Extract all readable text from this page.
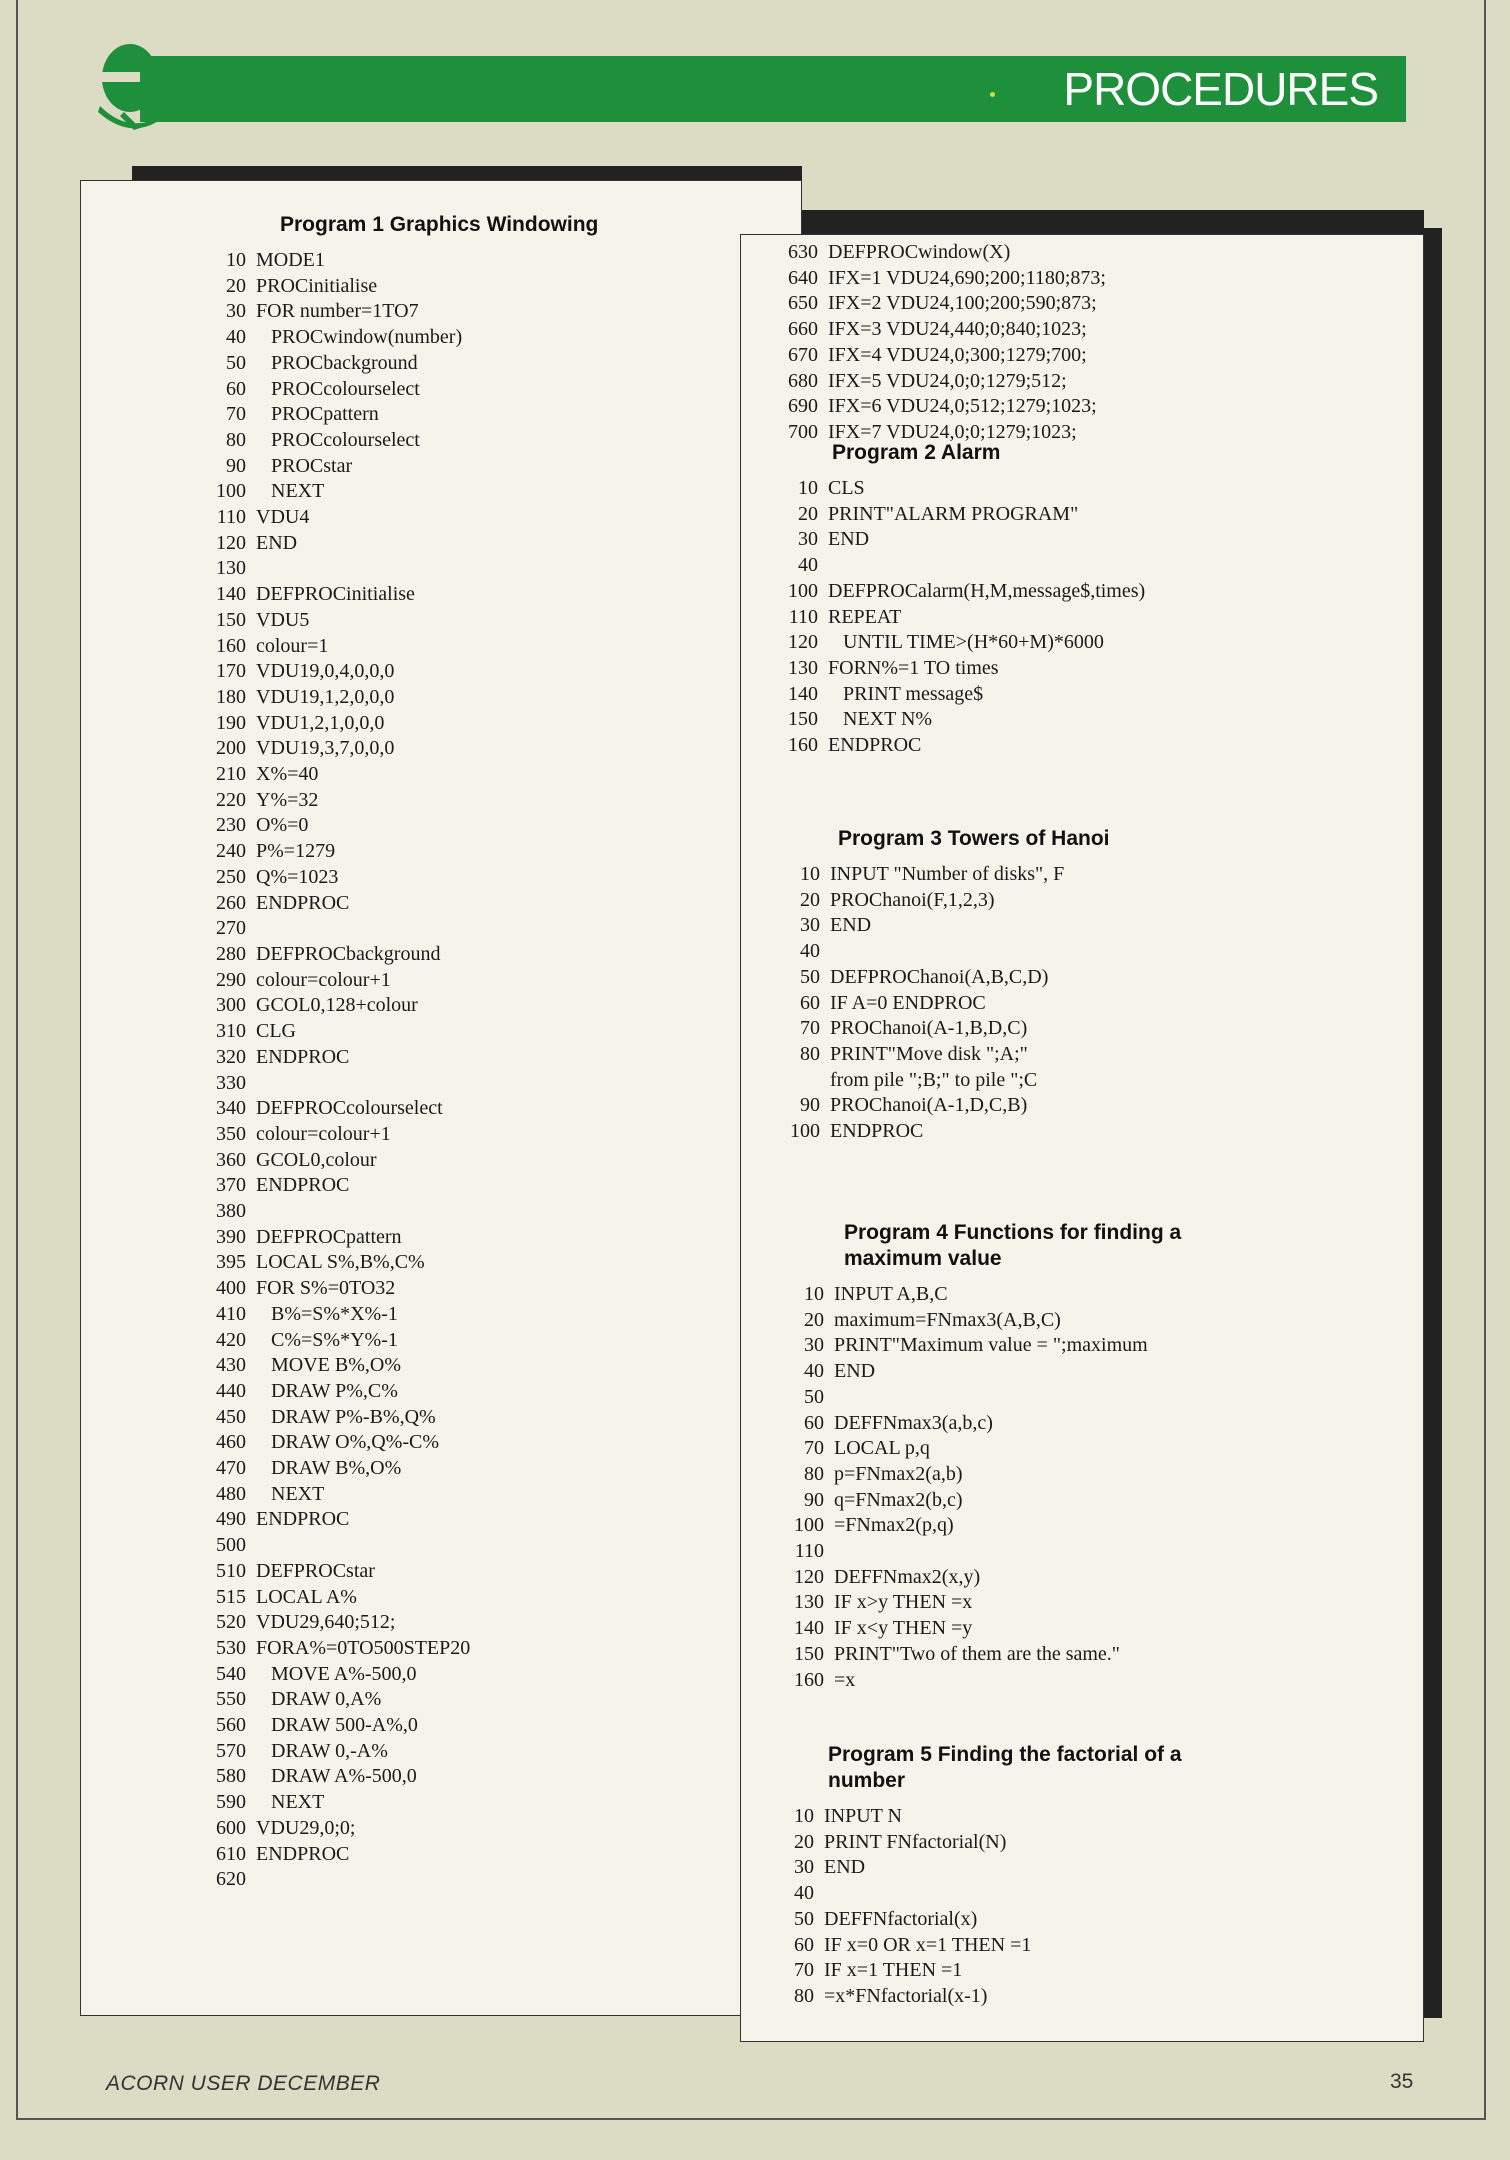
PROCEDURES
Program 1 Graphics Windowing
10 MODE1
20 PROCinitialise
30 FOR number=1TO7
40   PROCwindow(number)
50   PROCbackground
60   PROCcolourselect
70   PROCpattern
80   PROCcolourselect
90   PROCstar
100   NEXT
110 VDU4
120 END
130
140 DEFPROCinitialise
150 VDU5
160 colour=1
170 VDU19,0,4,0,0,0
180 VDU19,1,2,0,0,0
190 VDU1,2,1,0,0,0
200 VDU19,3,7,0,0,0
210 X%=40
220 Y%=32
230 O%=0
240 P%=1279
250 Q%=1023
260 ENDPROC
270
280 DEFPROCbackground
290 colour=colour+1
300 GCOL0,128+colour
310 CLG
320 ENDPROC
330
340 DEFPROCcolourselect
350 colour=colour+1
360 GCOL0,colour
370 ENDPROC
380
390 DEFPROCpattern
395 LOCAL S%,B%,C%
400 FOR S%=0TO32
410   B%=S%*X%-1
420   C%=S%*Y%-1
430   MOVE B%,O%
440   DRAW P%,C%
450   DRAW P%-B%,Q%
460   DRAW O%,Q%-C%
470   DRAW B%,O%
480   NEXT
490 ENDPROC
500
510 DEFPROCstar
515 LOCAL A%
520 VDU29,640;512;
530 FORA%=0TO500STEP20
540   MOVE A%-500,0
550   DRAW 0,A%
560   DRAW 500-A%,0
570   DRAW 0,-A%
580   DRAW A%-500,0
590   NEXT
600 VDU29,0;0;
610 ENDPROC
620
630 DEFPROCwindow(X)
640 IFX=1 VDU24,690;200;1180;873;
650 IFX=2 VDU24,100;200;590;873;
660 IFX=3 VDU24,440;0;840;1023;
670 IFX=4 VDU24,0;300;1279;700;
680 IFX=5 VDU24,0;0;1279;512;
690 IFX=6 VDU24,0;512;1279;1023;
700 IFX=7 VDU24,0;0;1279;1023;
Program 2 Alarm
10 CLS
20 PRINT"ALARM PROGRAM"
30 END
40
100 DEFPROCalarm(H,M,message$,times)
110 REPEAT
120   UNTIL TIME>(H*60+M)*6000
130 FORN%=1 TO times
140   PRINT message$
150   NEXT N%
160 ENDPROC
Program 3 Towers of Hanoi
10 INPUT "Number of disks", F
20 PROChanoi(F,1,2,3)
30 END
40
50 DEFPROChanoi(A,B,C,D)
60 IF A=0 ENDPROC
70 PROChanoi(A-1,B,D,C)
80 PRINT"Move disk ";A;"
from pile ";B;" to pile ";C
90 PROChanoi(A-1,D,C,B)
100 ENDPROC
Program 4 Functions for finding a maximum value
10 INPUT A,B,C
20 maximum=FNmax3(A,B,C)
30 PRINT"Maximum value = ";maximum
40 END
50
60 DEFFNmax3(a,b,c)
70 LOCAL p,q
80 p=FNmax2(a,b)
90 q=FNmax2(b,c)
100 =FNmax2(p,q)
110
120 DEFFNmax2(x,y)
130 IF x>y THEN =x
140 IF x<y THEN =y
150 PRINT"Two of them are the same."
160 =x
Program 5 Finding the factorial of a number
10 INPUT N
20 PRINT FNfactorial(N)
30 END
40
50 DEFFNfactorial(x)
60 IF x=0 OR x=1 THEN =1
70 IF x=1 THEN =1
80 =x*FNfactorial(x-1)
ACORN USER DECEMBER	35
